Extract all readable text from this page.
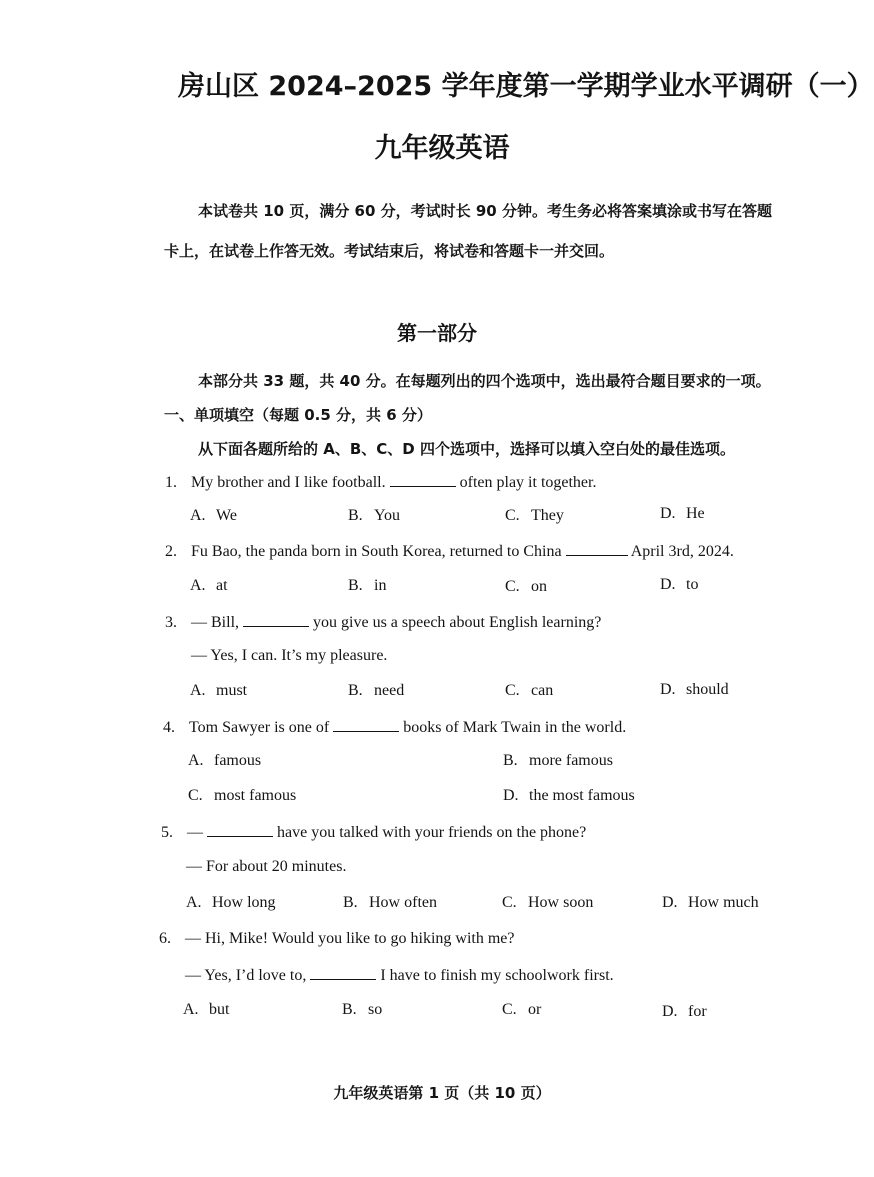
房山区 2024–2025 学年度第一学期学业水平调研（一）
九年级英语
本试卷共 10 页，满分 60 分，考试时长 90 分钟。考生务必将答案填涂或书写在答题
卡上，在试卷上作答无效。考试结束后，将试卷和答题卡一并交回。
第一部分
本部分共 33 题，共 40 分。在每题列出的四个选项中，选出最符合题目要求的一项。
一、单项填空（每题 0.5 分，共 6 分）
从下面各题所给的 A、B、C、D 四个选项中，选择可以填入空白处的最佳选项。
1. My brother and I like football.	often play it together.
A. We	B. You	C. They	D. He
2. Fu Bao, the panda born in South Korea, returned to China	April 3rd, 2024.
A. at	B. in	C. on	D. to
3. — Bill,	you give us a speech about English learning?
— Yes, I can. It’s my pleasure.
A. must	B. need	C. can	D. should
4. Tom Sawyer is one of	books of Mark Twain in the world.
A. famous	B. more famous
C. most famous	D. the most famous
5. —	have you talked with your friends on the phone?
— For about 20 minutes.
A. How long	B. How often	C. How soon	D. How much
6. — Hi, Mike! Would you like to go hiking with me?
— Yes, I’d love to,	I have to finish my schoolwork first.
A. but	B. so	C. or	D. for
九年级英语第 1 页（共 10 页）
